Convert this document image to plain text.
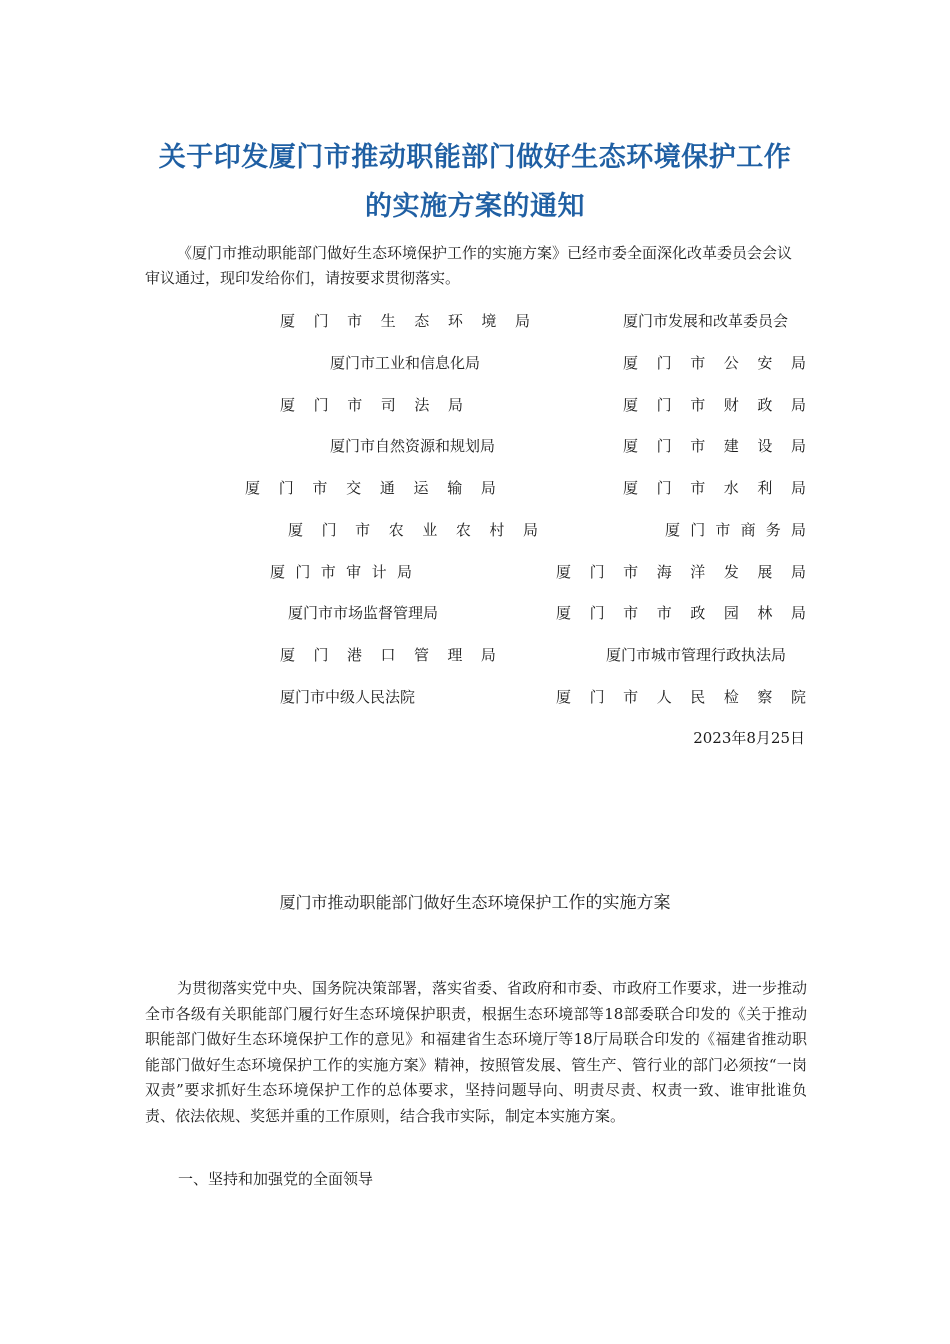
关于印发厦门市推动职能部门做好生态环境保护工作
的实施方案的通知

《厦门市推动职能部门做好生态环境保护工作的实施方案》已经市委全面深化改革委员会会议审议通过，现印发给你们，请按要求贯彻落实。

厦 门 市 生 态 环 境 局
厦门市工业和信息化局
厦 门 市 司 法 局
厦门市自然资源和规划局
厦 门 市 交 通 运 输 局
厦 门 市 农 业 农 村 局
厦 门 市 审 计 局
厦门市市场监督管理局
厦 门 港 口 管 理 局
厦门市中级人民法院
厦门市发展和改革委员会
厦 门 市 公 安 局
厦 门 市 财 政 局
厦 门 市 建 设 局
厦 门 市 水 利 局
厦 门 市 商 务 局
厦 门 市 海 洋 发 展 局
厦 门 市 市 政 园 林 局
厦门市城市管理行政执法局
厦 门 市 人 民 检 察 院
2023年8月25日
厦门市推动职能部门做好生态环境保护工作的实施方案

为贯彻落实党中央、国务院决策部署，落实省委、省政府和市委、市政府工作要求，进一步推动全市各级有关职能部门履行好生态环境保护职责，根据生态环境部等18部委联合印发的《关于推动职能部门做好生态环境保护工作的意见》和福建省生态环境厅等18厅局联合印发的《福建省推动职能部门做好生态环境保护工作的实施方案》精神，按照管发展、管生产、管行业的部门必须按“一岗双责”要求抓好生态环境保护工作的总体要求，坚持问题导向、明责尽责、权责一致、谁审批谁负责、依法依规、奖惩并重的工作原则，结合我市实际，制定本实施方案。

一、坚持和加强党的全面领导
